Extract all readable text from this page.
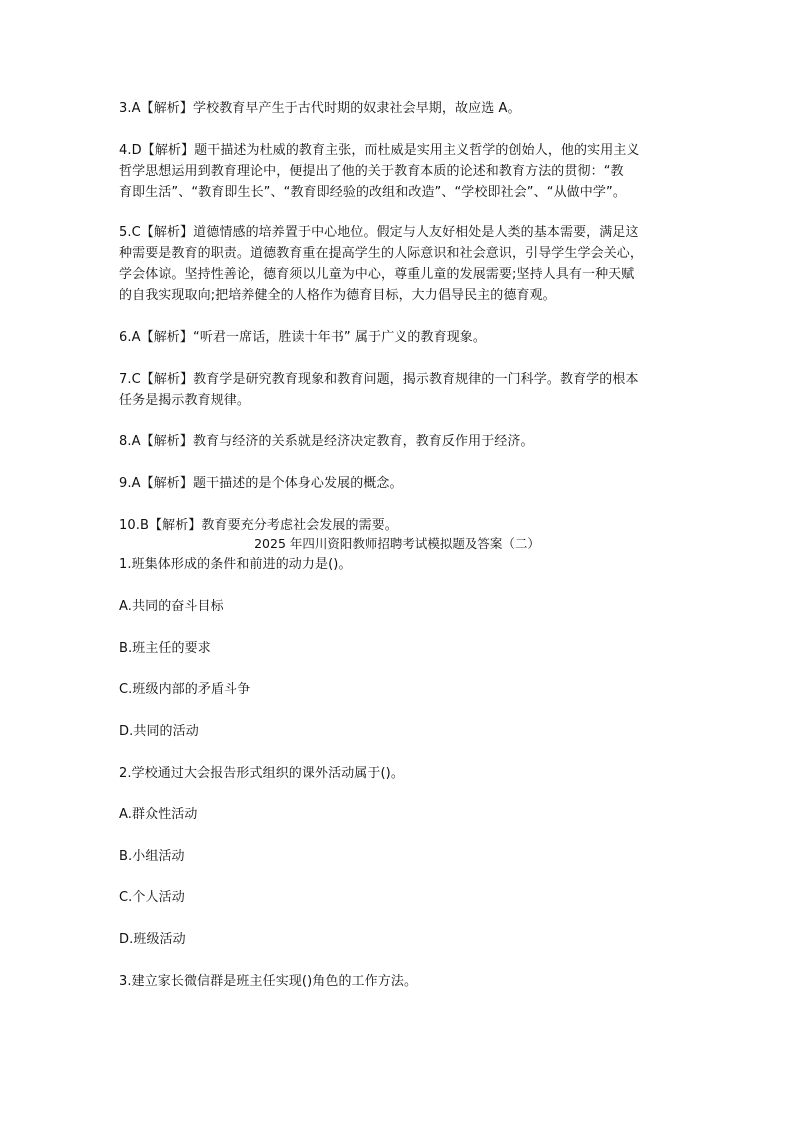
3.A【解析】学校教育早产生于古代时期的奴隶社会早期，故应选 A。
4.D【解析】题干描述为杜威的教育主张，而杜威是实用主义哲学的创始人，他的实用主义
哲学思想运用到教育理论中，便提出了他的关于教育本质的论述和教育方法的贯彻：“教
育即生活”、“教育即生长”、“教育即经验的改组和改造”、“学校即社会”、“从做中学”。
5.C【解析】道德情感的培养置于中心地位。假定与人友好相处是人类的基本需要，满足这
种需要是教育的职责。道德教育重在提高学生的人际意识和社会意识，引导学生学会关心，
学会体谅。坚持性善论，德育须以儿童为中心，尊重儿童的发展需要;坚持人具有一种天赋
的自我实现取向;把培养健全的人格作为德育目标，大力倡导民主的德育观。
6.A【解析】“听君一席话，胜读十年书” 属于广义的教育现象。
7.C【解析】教育学是研究教育现象和教育问题，揭示教育规律的一门科学。教育学的根本
任务是揭示教育规律。
8.A【解析】教育与经济的关系就是经济决定教育，教育反作用于经济。
9.A【解析】题干描述的是个体身心发展的概念。
10.B【解析】教育要充分考虑社会发展的需要。
2025 年四川资阳教师招聘考试模拟题及答案（二）
1.班集体形成的条件和前进的动力是()。
A.共同的奋斗目标
B.班主任的要求
C.班级内部的矛盾斗争
D.共同的活动
2.学校通过大会报告形式组织的课外活动属于()。
A.群众性活动
B.小组活动
C.个人活动
D.班级活动
3.建立家长微信群是班主任实现()角色的工作方法。
